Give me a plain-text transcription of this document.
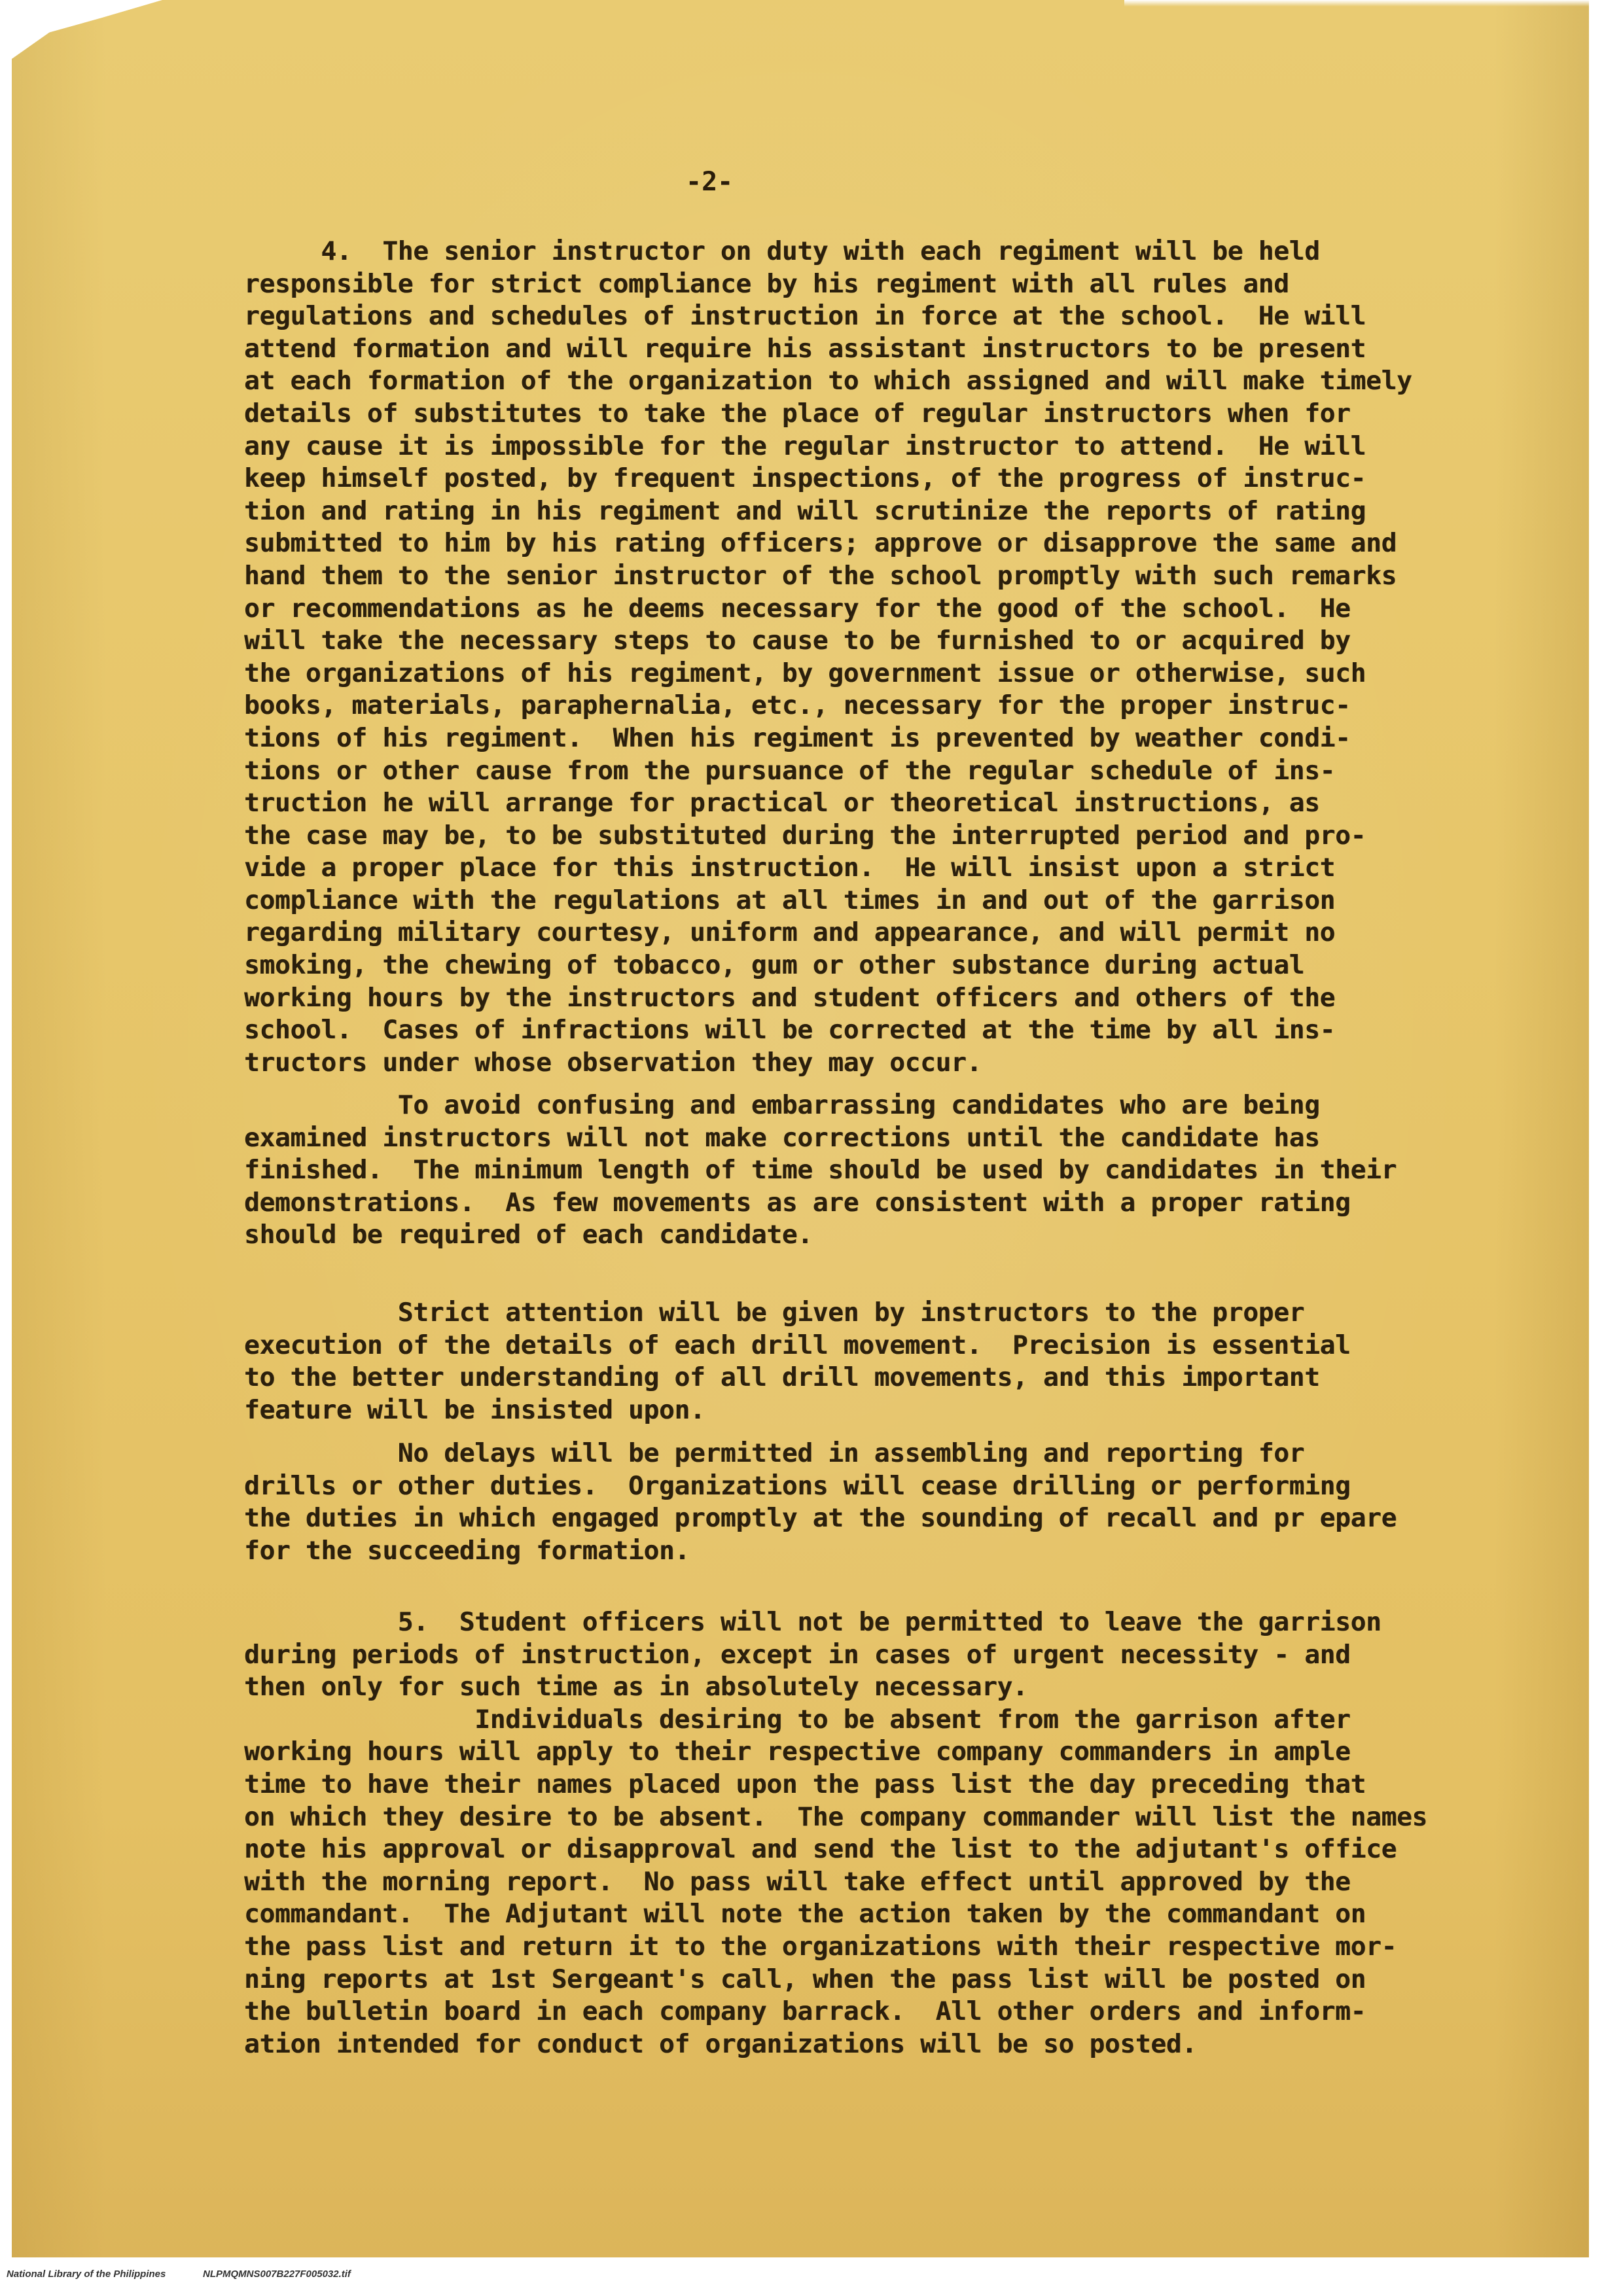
-2-

4.  The senior instructor on duty with each regiment will be held
responsible for strict compliance by his regiment with all rules and
regulations and schedules of instruction in force at the school.  He will
attend formation and will require his assistant instructors to be present
at each formation of the organization to which assigned and will make timely
details of substitutes to take the place of regular instructors when for
any cause it is impossible for the regular instructor to attend.  He will
keep himself posted, by frequent inspections, of the progress of instruc-
tion and rating in his regiment and will scrutinize the reports of rating
submitted to him by his rating officers; approve or disapprove the same and
hand them to the senior instructor of the school promptly with such remarks
or recommendations as he deems necessary for the good of the school.  He
will take the necessary steps to cause to be furnished to or acquired by
the organizations of his regiment, by government issue or otherwise, such
books, materials, paraphernalia, etc., necessary for the proper instruc-
tions of his regiment.  When his regiment is prevented by weather condi-
tions or other cause from the pursuance of the regular schedule of ins-
truction he will arrange for practical or theoretical instructions, as
the case may be, to be substituted during the interrupted period and pro-
vide a proper place for this instruction.  He will insist upon a strict
compliance with the regulations at all times in and out of the garrison
regarding military courtesy, uniform and appearance, and will permit no
smoking, the chewing of tobacco, gum or other substance during actual
working hours by the instructors and student officers and others of the
school.  Cases of infractions will be corrected at the time by all ins-
tructors under whose observation they may occur.

To avoid confusing and embarrassing candidates who are being
examined instructors will not make corrections until the candidate has
finished.  The minimum length of time should be used by candidates in their
demonstrations.  As few movements as are consistent with a proper rating
should be required of each candidate.

Strict attention will be given by instructors to the proper
execution of the details of each drill movement.  Precision is essential
to the better understanding of all drill movements, and this important
feature will be insisted upon.

No delays will be permitted in assembling and reporting for
drills or other duties.  Organizations will cease drilling or performing
the duties in which engaged promptly at the sounding of recall and pr epare
for the succeeding formation.

5.  Student officers will not be permitted to leave the garrison
during periods of instruction, except in cases of urgent necessity - and
then only for such time as in absolutely necessary.
Individuals desiring to be absent from the garrison after
working hours will apply to their respective company commanders in ample
time to have their names placed upon the pass list the day preceding that
on which they desire to be absent.  The company commander will list the names
note his approval or disapproval and send the list to the adjutant's office
with the morning report.  No pass will take effect until approved by the
commandant.  The Adjutant will note the action taken by the commandant on
the pass list and return it to the organizations with their respective mor-
ning reports at 1st Sergeant's call, when the pass list will be posted on
the bulletin board in each company barrack.  All other orders and inform-
ation intended for conduct of organizations will be so posted.

National Library of the Philippines	NLPMQMNS007B227F005032.tif
